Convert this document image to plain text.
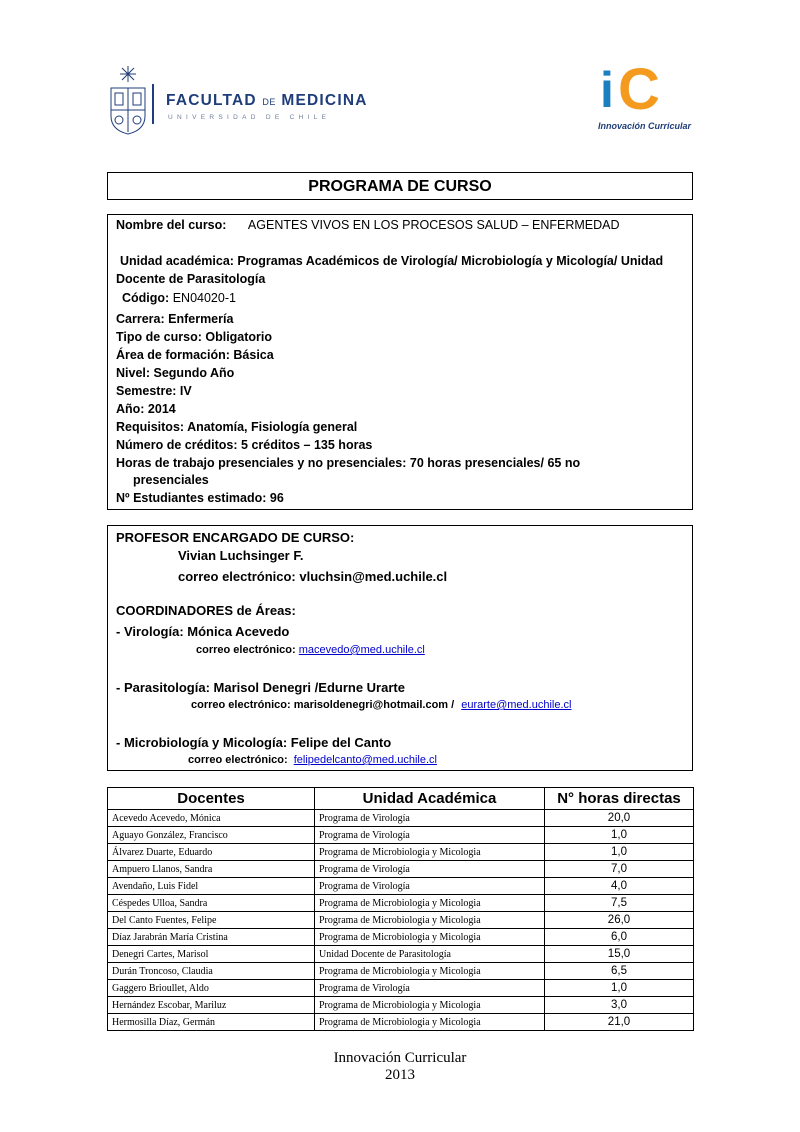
FACULTAD DE MEDICINA
UNIVERSIDAD DE CHILE	i C
Innovación Curricular
PROGRAMA DE CURSO
Nombre del curso: AGENTES VIVOS EN LOS PROCESOS SALUD – ENFERMEDAD
Unidad académica: Programas Académicos de Virología/ Microbiología y Micología/ Unidad
Docente de Parasitología
Código: EN04020-1
Carrera: Enfermería
Tipo de curso: Obligatorio
Área de formación: Básica
Nivel: Segundo Año
Semestre: IV
Año: 2014
Requisitos: Anatomía, Fisiología general
Número de créditos: 5 créditos – 135 horas
Horas de trabajo presenciales y no presenciales: 70 horas presenciales/ 65 no
presenciales
Nº Estudiantes estimado: 96
PROFESOR ENCARGADO DE CURSO:
Vivian Luchsinger F.
correo electrónico: vluchsin@med.uchile.cl
COORDINADORES de Áreas:
- Virología: Mónica Acevedo
correo electrónico: macevedo@med.uchile.cl
- Parasitología: Marisol Denegri /Edurne Urarte
correo electrónico: marisoldenegri@hotmail.com / eurarte@med.uchile.cl
- Microbiología y Micología: Felipe del Canto
correo electrónico: felipedelcanto@med.uchile.cl
Docentes	Unidad Académica	N° horas directas
Acevedo Acevedo, Mónica	Programa de Virología	20,0
Aguayo González, Francisco	Programa de Virología	1,0
Álvarez Duarte, Eduardo	Programa de Microbiologia y Micologia	1,0
Ampuero Llanos, Sandra	Programa de Virología	7,0
Avendaño, Luis Fidel	Programa de Virología	4,0
Céspedes Ulloa, Sandra	Programa de Microbiologia y Micologia	7,5
Del Canto Fuentes, Felipe	Programa de Microbiologia y Micologia	26,0
Díaz Jarabrán María Cristina	Programa de Microbiologia y Micologia	6,0
Denegri Cartes, Marisol	Unidad Docente de Parasitología	15,0
Durán Troncoso, Claudia	Programa de Microbiologia y Micologia	6,5
Gaggero Brioullet, Aldo	Programa de Virología	1,0
Hernández Escobar, Mariluz	Programa de Microbiologia y Micologia	3,0
Hermosilla Díaz, Germán	Programa de Microbiologia y Micologia	21,0
Innovación Curricular
2013
